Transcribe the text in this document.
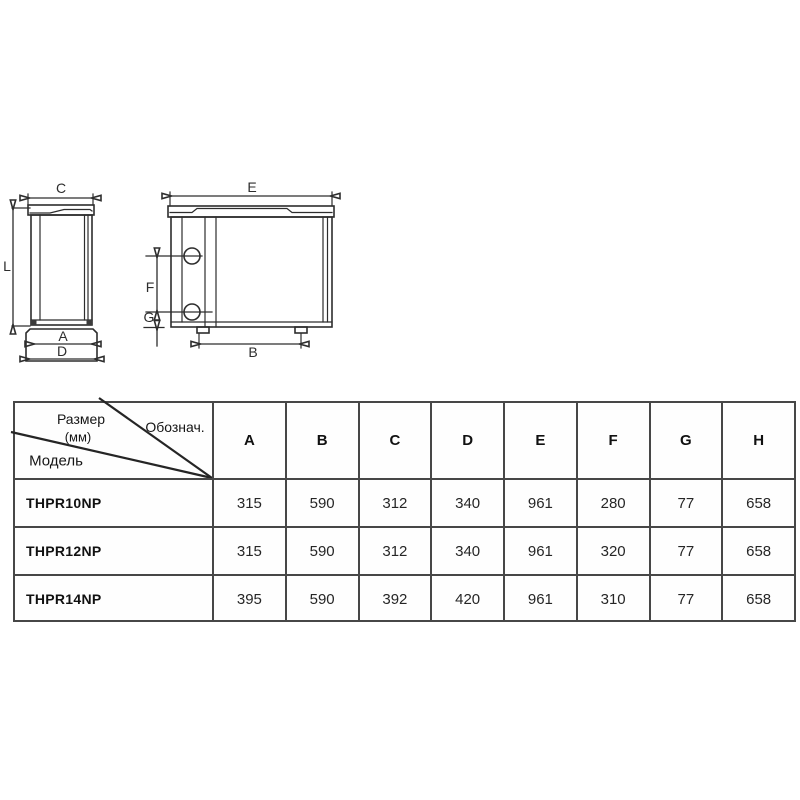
C
L
A
D
E
F
G
B
Размер
(мм)
Обознач.
Модель
A	B	C	D	E	F	G	H
THPR10NP	315	590	312	340	961	280	77	658
THPR12NP	315	590	312	340	961	320	77	658
THPR14NP	395	590	392	420	961	310	77	658
